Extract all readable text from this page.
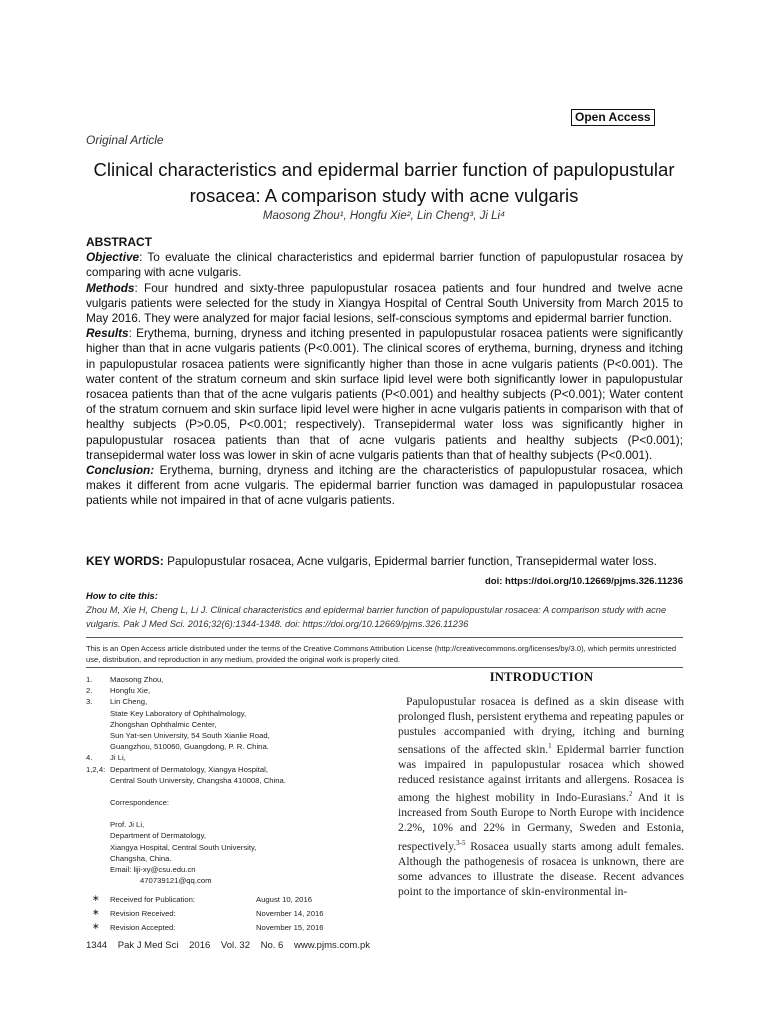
Open Access
Original Article
Clinical characteristics and epidermal barrier function of papulopustular rosacea: A comparison study with acne vulgaris
Maosong Zhou¹, Hongfu Xie², Lin Cheng³, Ji Li⁴

ABSTRACT

Objective: To evaluate the clinical characteristics and epidermal barrier function of papulopustular rosacea by comparing with acne vulgaris.

Methods: Four hundred and sixty-three papulopustular rosacea patients and four hundred and twelve acne vulgaris patients were selected for the study in Xiangya Hospital of Central South University from March 2015 to May 2016. They were analyzed for major facial lesions, self-conscious symptoms and epidermal barrier function.

Results: Erythema, burning, dryness and itching presented in papulopustular rosacea patients were significantly higher than that in acne vulgaris patients (P<0.001). The clinical scores of erythema, burning, dryness and itching in papulopustular rosacea patients were significantly higher than those in acne vulgaris patients (P<0.001). The water content of the stratum corneum and skin surface lipid level were both significantly lower in papulopustular rosacea patients than that of the acne vulgaris patients (P<0.001) and healthy subjects (P<0.001); Water content of the stratum cornuem and skin surface lipid level were higher in acne vulgaris patients in comparison with that of healthy subjects (P>0.05, P<0.001; respectively). Transepidermal water loss was significantly higher in papulopustular rosacea patients than that of acne vulgaris patients and healthy subjects (P<0.001); transepidermal water loss was lower in skin of acne vulgaris patients than that of healthy subjects (P<0.001).

Conclusion: Erythema, burning, dryness and itching are the characteristics of papulopustular rosacea, which makes it different from acne vulgaris. The epidermal barrier function was damaged in papulopustular rosacea patients while not impaired in that of acne vulgaris patients.

KEY WORDS: Papulopustular rosacea, Acne vulgaris, Epidermal barrier function, Transepidermal water loss.
doi: https://doi.org/10.12669/pjms.326.11236
How to cite this:
Zhou M, Xie H, Cheng L, Li J. Clinical characteristics and epidermal barrier function of papulopustular rosacea: A comparison study with acne vulgaris. Pak J Med Sci. 2016;32(6):1344-1348. doi: https://doi.org/10.12669/pjms.326.11236
This is an Open Access article distributed under the terms of the Creative Commons Attribution License (http://creativecommons.org/licenses/by/3.0), which permits unrestricted use, distribution, and reproduction in any medium, provided the original work is properly cited.
1. Maosong Zhou,
2. Hongfu Xie,
3. Lin Cheng,
State Key Laboratory of Ophthalmology,
Zhongshan Ophthalmic Center,
Sun Yat-sen University, 54 South Xianlie Road,
Guangzhou, 510060, Guangdong, P. R. China.
4. Ji Li,
1,2,4: Department of Dermatology, Xiangya Hospital,
Central South University, Changsha 410008, China.
Correspondence:
Prof. Ji Li,
Department of Dermatology,
Xiangya Hospital, Central South University,
Changsha, China.
Email: liji-xy@csu.edu.cn
470739121@qq.com
∗ Received for Publication:	August 10, 2016
∗ Revision Received:	November 14, 2016
∗ Revision Accepted:	November 15, 2016
INTRODUCTION
Papulopustular rosacea is defined as a skin disease with prolonged flush, persistent erythema and repeating papules or pustules accompanied with drying, itching and burning sensations of the affected skin.$^1$ Epidermal barrier function was impaired in papulopustular rosacea which showed reduced resistance against irritants and allergens. Rosacea is among the highest mobility in Indo-Eurasians.$^2$ And it is increased from South Europe to North Europe with incidence 2.2%, 10% and 22% in Germany, Sweden and Estonia, respectively.$^{3-5}$ Rosacea usually starts among adult females. Although the pathogenesis of rosacea is unknown, there are some advances to illustrate the disease. Recent advances point to the importance of skin-environmental in-
1344 Pak J Med Sci 2016 Vol. 32 No. 6 www.pjms.com.pk
